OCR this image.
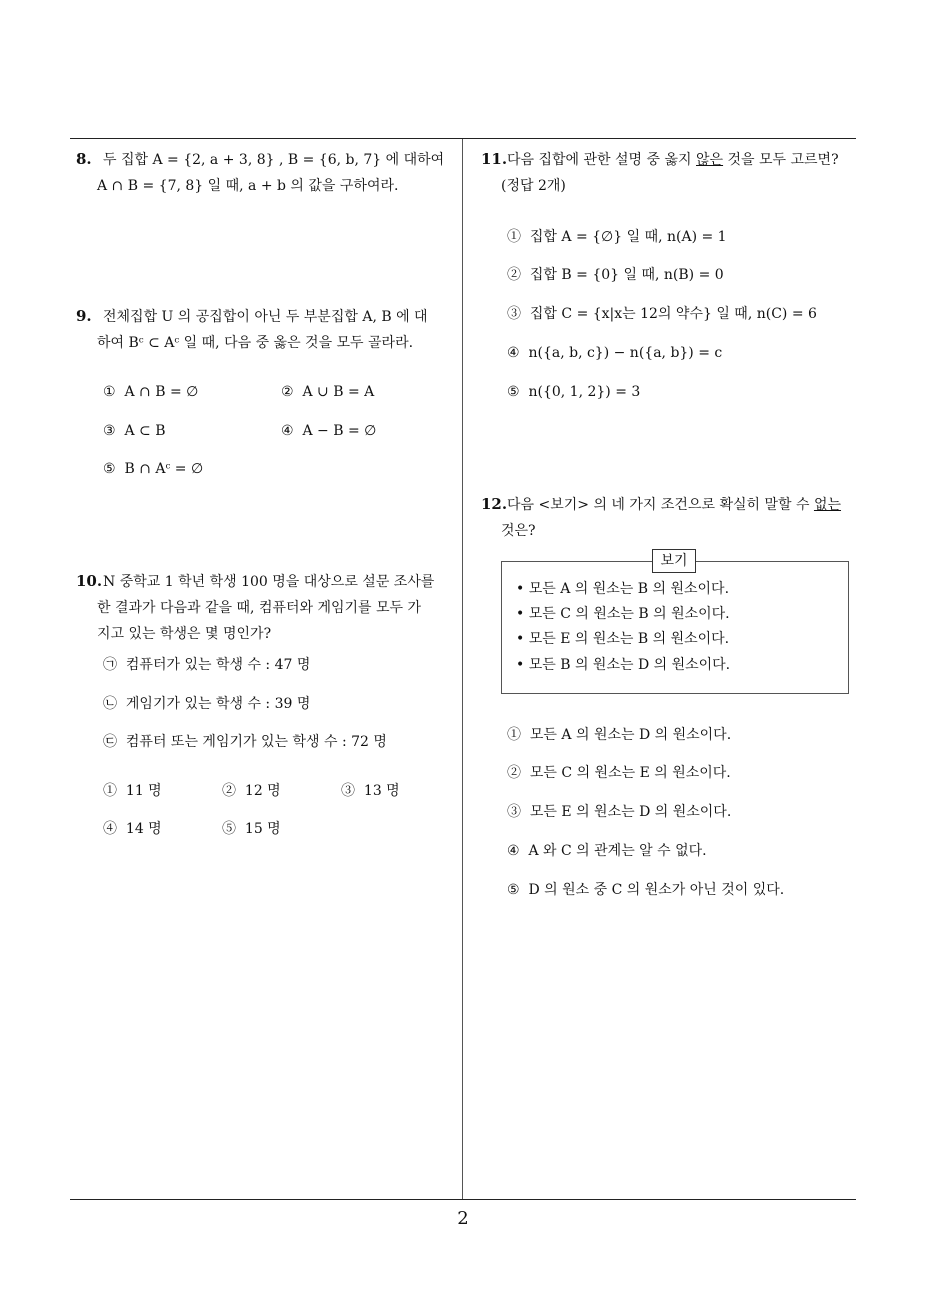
2
8. 두 집합 A = {2, a + 3, 8} , B = {6, b, 7} 에 대하여
A ∩ B = {7, 8} 일 때, a + b 의 값을 구하여라.
9. 전체집합 U 의 공집합이 아닌 두 부분집합 A, B 에 대
하여 Bᶜ ⊂ Aᶜ 일 때, 다음 중 옳은 것을 모두 골라라.
① A ∩ B = ∅	② A ∪ B = A
③ A ⊂ B	④ A − B = ∅
⑤ B ∩ Aᶜ = ∅
10. N 중학교 1 학년 학생 100 명을 대상으로 설문 조사를
한 결과가 다음과 같을 때, 컴퓨터와 게임기를 모두 가
지고 있는 학생은 몇 명인가?
㉠ 컴퓨터가 있는 학생 수 : 47 명
㉡ 게임기가 있는 학생 수 : 39 명
㉢ 컴퓨터 또는 게임기가 있는 학생 수 : 72 명
① 11 명	② 12 명	③ 13 명
④ 14 명	⑤ 15 명
11. 다음 집합에 관한 설명 중 옳지 않은 것을 모두 고르면?
(정답 2개)
① 집합 A = {∅} 일 때, n(A) = 1
② 집합 B = {0} 일 때, n(B) = 0
③ 집합 C = {x|x는 12의 약수} 일 때, n(C) = 6
④ n({a, b, c}) − n({a, b}) = c
⑤ n({0, 1, 2}) = 3
12. 다음 <보기> 의 네 가지 조건으로 확실히 말할 수 없는
것은?
보기
• 모든 A 의 원소는 B 의 원소이다.
• 모든 C 의 원소는 B 의 원소이다.
• 모든 E 의 원소는 B 의 원소이다.
• 모든 B 의 원소는 D 의 원소이다.
① 모든 A 의 원소는 D 의 원소이다.
② 모든 C 의 원소는 E 의 원소이다.
③ 모든 E 의 원소는 D 의 원소이다.
④ A 와 C 의 관계는 알 수 없다.
⑤ D 의 원소 중 C 의 원소가 아닌 것이 있다.
